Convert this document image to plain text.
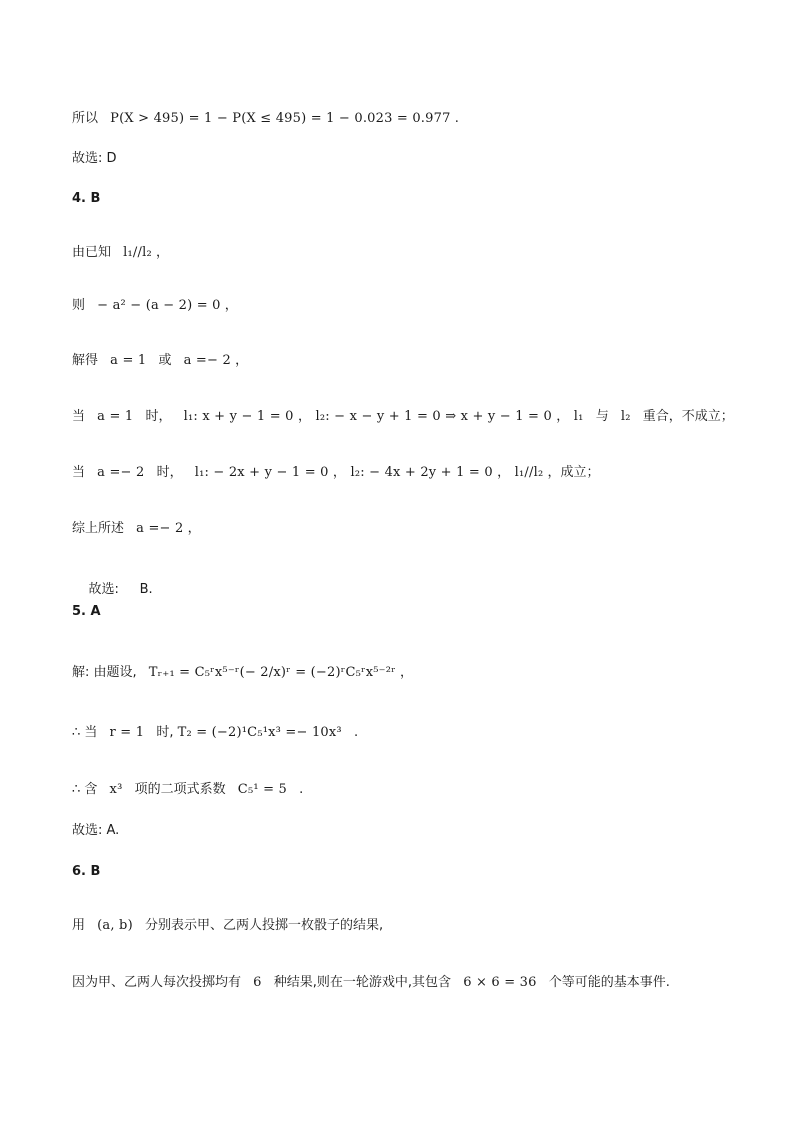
所以 P(X > 495) = 1 − P(X ≤ 495) = 1 − 0.023 = 0.977 .
故选: D
4. B
由已知 l₁//l₂ ，
则 − a² − (a − 2) = 0 ，
解得 a = 1 或 a =− 2 ，
当 a = 1 时， l₁: x + y − 1 = 0 ， l₂: − x − y + 1 = 0 ⇒ x + y − 1 = 0 ， l₁ 与 l₂ 重合，不成立；
当 a =− 2 时， l₁: − 2x + y − 1 = 0 ， l₂: − 4x + 2y + 1 = 0 ， l₁//l₂ ，成立；
综上所述 a =− 2 ，

故选:     B.

5. A
解: 由题设, Tᵣ₊₁ = C₅ʳx⁵⁻ʳ(− 2/x)ʳ = (−2)ʳC₅ʳx⁵⁻²ʳ ，
∴ 当 r = 1 时, T₂ = (−2)¹C₅¹x³ =− 10x³ .
∴ 含 x³ 项的二项式系数 C₅¹ = 5 .
故选: A.
6. B
用 (a, b) 分别表示甲、乙两人投掷一枚骰子的结果,
因为甲、乙两人每次投掷均有 6 种结果,则在一轮游戏中,其包含 6 × 6 = 36 个等可能的基本事件.
